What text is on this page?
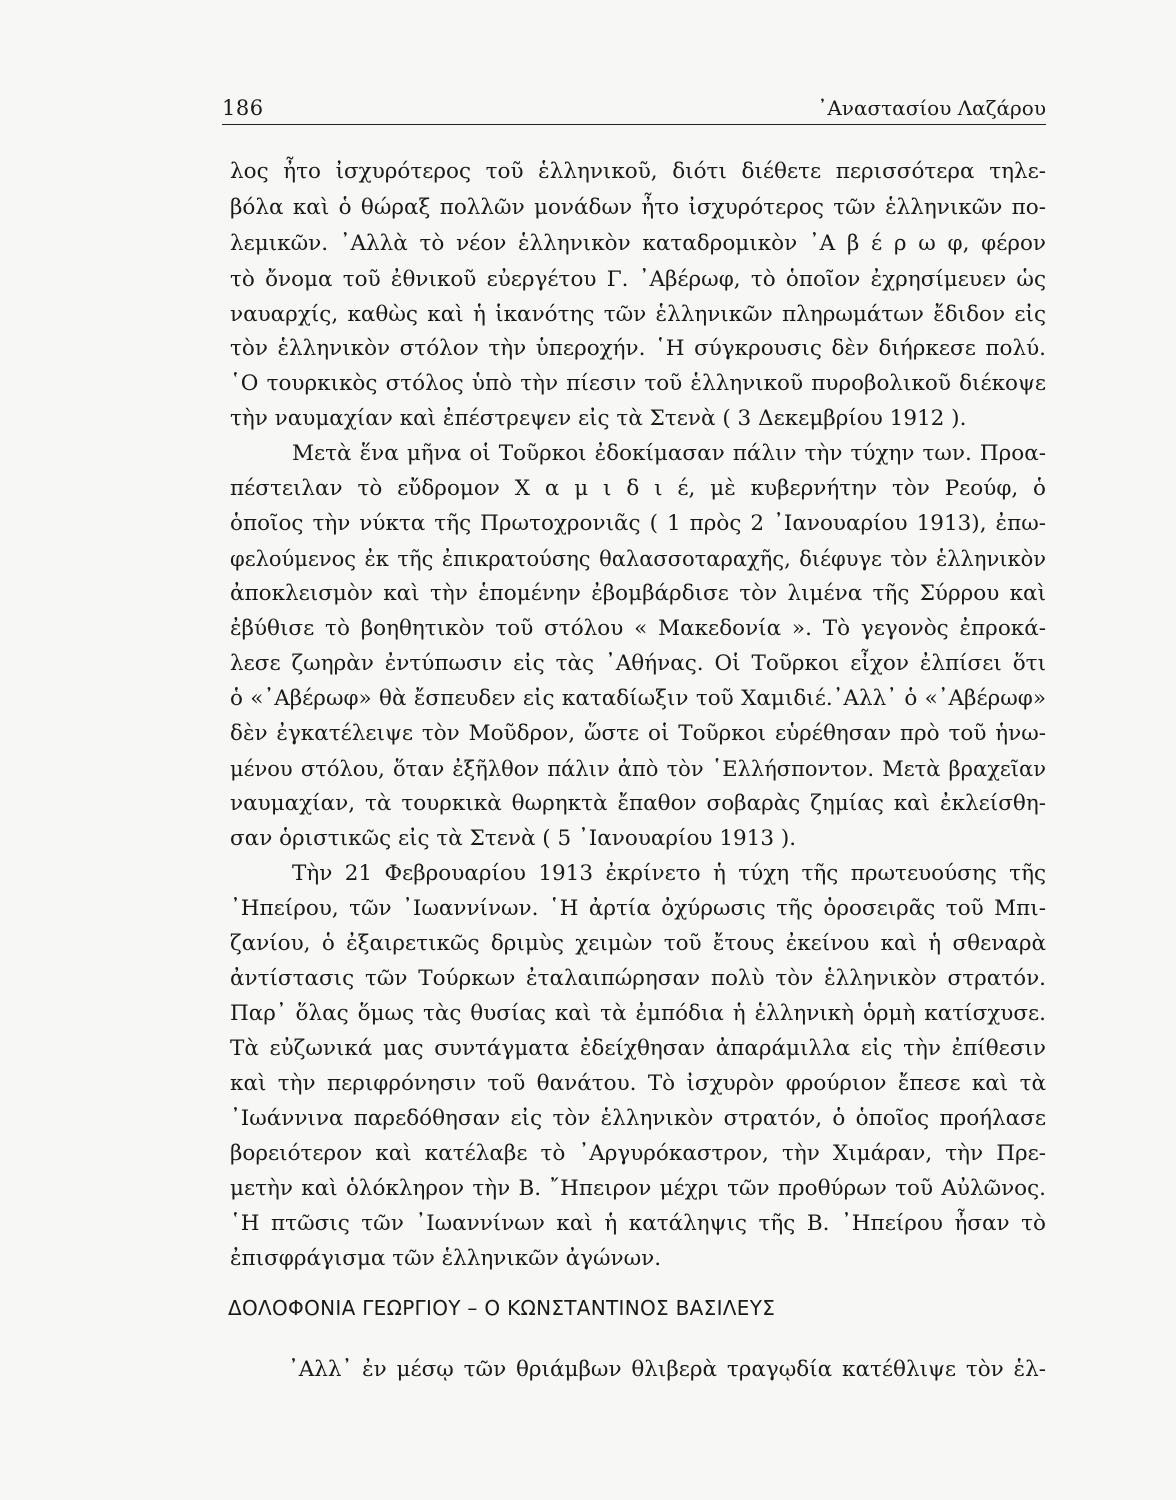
186	᾿Αναστασίου Λαζάρου
λος ἦτο ἰσχυρότερος τοῦ ἑλληνικοῦ, διότι διέθετε περισσότερα τηλε-
βόλα καὶ ὁ θώραξ πολλῶν μονάδων ἦτο ἰσχυρότερος τῶν ἑλληνικῶν πο-
λεμικῶν. ᾿Αλλὰ τὸ νέον ἑλληνικὸν καταδρομικὸν ᾿Α β έ ρ ω φ, φέρον
τὸ ὄνομα τοῦ ἐθνικοῦ εὐεργέτου Γ. ᾿Αβέρωφ, τὸ ὁποῖον ἐχρησίμευεν ὡς
ναυαρχίς, καθὼς καὶ ἡ ἱκανότης τῶν ἑλληνικῶν πληρωμάτων ἔδιδον εἰς
τὸν ἑλληνικὸν στόλον τὴν ὑπεροχήν. ῾Η σύγκρουσις δὲν διήρκεσε πολύ.
῾Ο τουρκικὸς στόλος ὑπὸ τὴν πίεσιν τοῦ ἑλληνικοῦ πυροβολικοῦ διέκοψε
τὴν ναυμαχίαν καὶ ἐπέστρεψεν εἰς τὰ Στενὰ ( 3 Δεκεμβρίου 1912 ).
Μετὰ ἕνα μῆνα οἱ Τοῦρκοι ἐδοκίμασαν πάλιν τὴν τύχην των. Προα-
πέστειλαν τὸ εὔδρομον Χ α μ ι δ ι έ, μὲ κυβερνήτην τὸν Ρεούφ, ὁ
ὁποῖος τὴν νύκτα τῆς Πρωτοχρονιᾶς ( 1 πρὸς 2 ᾿Ιανουαρίου 1913), ἐπω-
φελούμενος ἐκ τῆς ἐπικρατούσης θαλασσοταραχῆς, διέφυγε τὸν ἑλληνικὸν
ἀποκλεισμὸν καὶ τὴν ἑπομένην ἐβομβάρδισε τὸν λιμένα τῆς Σύρρου καὶ
ἐβύθισε τὸ βοηθητικὸν τοῦ στόλου « Μακεδονία ». Τὸ γεγονὸς ἐπροκά-
λεσε ζωηρὰν ἐντύπωσιν εἰς τὰς ᾿Αθήνας. Οἱ Τοῦρκοι εἶχον ἐλπίσει ὅτι
ὁ «᾿Αβέρωφ» θὰ ἔσπευδεν εἰς καταδίωξιν τοῦ Χαμιδιέ.᾿Αλλ᾿ ὁ «᾿Αβέρωφ»
δὲν ἐγκατέλειψε τὸν Μοῦδρον, ὥστε οἱ Τοῦρκοι εὑρέθησαν πρὸ τοῦ ἡνω-
μένου στόλου, ὅταν ἐξῆλθον πάλιν ἀπὸ τὸν ῾Ελλήσποντον. Μετὰ βραχεῖαν
ναυμαχίαν, τὰ τουρκικὰ θωρηκτὰ ἔπαθον σοβαρὰς ζημίας καὶ ἐκλείσθη-
σαν ὁριστικῶς εἰς τὰ Στενὰ ( 5 ᾿Ιανουαρίου 1913 ).
Τὴν 21 Φεβρουαρίου 1913 ἐκρίνετο ἡ τύχη τῆς πρωτευούσης τῆς
᾿Ηπείρου, τῶν ᾿Ιωαννίνων. ῾Η ἀρτία ὀχύρωσις τῆς ὀροσειρᾶς τοῦ Μπι-
ζανίου, ὁ ἐξαιρετικῶς δριμὺς χειμὼν τοῦ ἔτους ἐκείνου καὶ ἡ σθεναρὰ
ἀντίστασις τῶν Τούρκων ἐταλαιπώρησαν πολὺ τὸν ἑλληνικὸν στρατόν.
Παρ᾿ ὅλας ὅμως τὰς θυσίας καὶ τὰ ἐμπόδια ἡ ἑλληνικὴ ὁρμὴ κατίσχυσε.
Τὰ εὐζωνικά μας συντάγματα ἐδείχθησαν ἀπαράμιλλα εἰς τὴν ἐπίθεσιν
καὶ τὴν περιφρόνησιν τοῦ θανάτου. Τὸ ἰσχυρὸν φρούριον ἔπεσε καὶ τὰ
᾿Ιωάννινα παρεδόθησαν εἰς τὸν ἑλληνικὸν στρατόν, ὁ ὁποῖος προήλασε
βορειότερον καὶ κατέλαβε τὸ ᾿Αργυρόκαστρον, τὴν Χιμάραν, τὴν Πρε-
μετὴν καὶ ὁλόκληρον τὴν Β. ῎Ηπειρον μέχρι τῶν προθύρων τοῦ Αὐλῶνος.
῾Η πτῶσις τῶν ᾿Ιωαννίνων καὶ ἡ κατάληψις τῆς Β. ᾿Ηπείρου ἦσαν τὸ
ἐπισφράγισμα τῶν ἑλληνικῶν ἀγώνων.
ΔΟΛΟΦΟΝΙΑ ΓΕΩΡΓΙΟΥ – Ο ΚΩΝΣΤΑΝΤΙΝΟΣ ΒΑΣΙΛΕΥΣ
᾿Αλλ᾿ ἐν μέσῳ τῶν θριάμβων θλιβερὰ τραγῳδία κατέθλιψε τὸν ἑλ-
